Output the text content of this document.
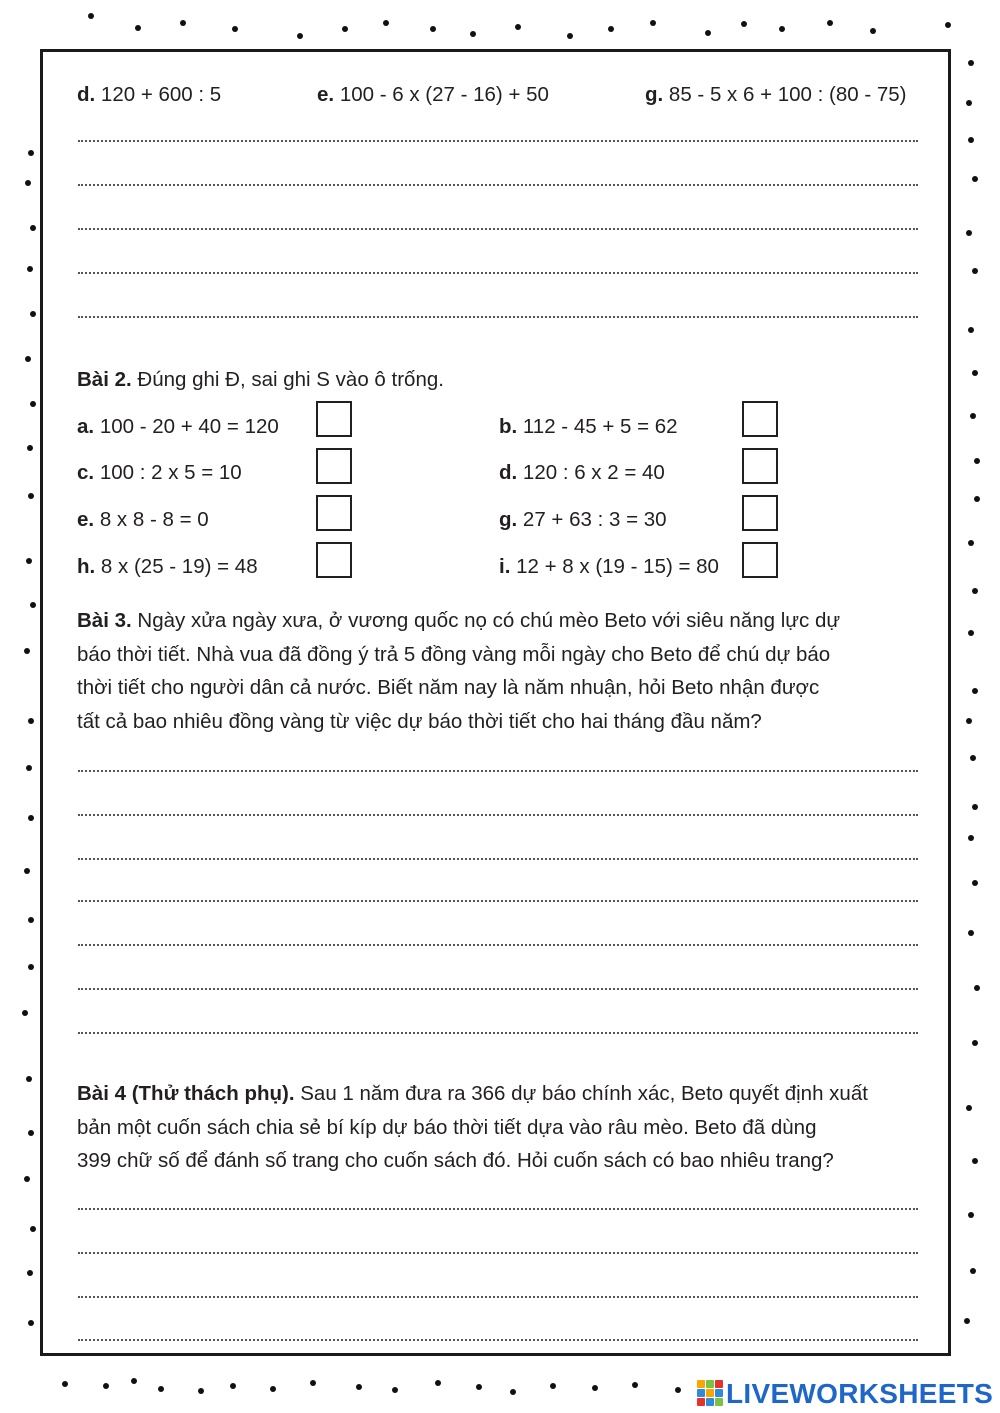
d. 120 + 600 : 5	e. 100 - 6 x (27 - 16) + 50	g. 85 - 5 x 6 + 100 : (80 - 75)
Bài 2. Đúng ghi Đ, sai ghi S vào ô trống.
a. 100 - 20 + 40 = 120	b. 112 - 45 + 5 = 62
c. 100 : 2 x 5 = 10	d. 120 : 6 x 2 = 40
e. 8 x 8 - 8 = 0	g. 27 + 63 : 3 = 30
h. 8 x (25 - 19) = 48	i. 12 + 8 x (19 - 15) = 80
Bài 3. Ngày xửa ngày xưa, ở vương quốc nọ có chú mèo Beto với siêu năng lực dự
báo thời tiết. Nhà vua đã đồng ý trả 5 đồng vàng mỗi ngày cho Beto để chú dự báo
thời tiết cho người dân cả nước. Biết năm nay là năm nhuận, hỏi Beto nhận được
tất cả bao nhiêu đồng vàng từ việc dự báo thời tiết cho hai tháng đầu năm?
Bài 4 (Thử thách phụ). Sau 1 năm đưa ra 366 dự báo chính xác, Beto quyết định xuất
bản một cuốn sách chia sẻ bí kíp dự báo thời tiết dựa vào râu mèo. Beto đã dùng
399 chữ số để đánh số trang cho cuốn sách đó. Hỏi cuốn sách có bao nhiêu trang?
LIVEWORKSHEETS
